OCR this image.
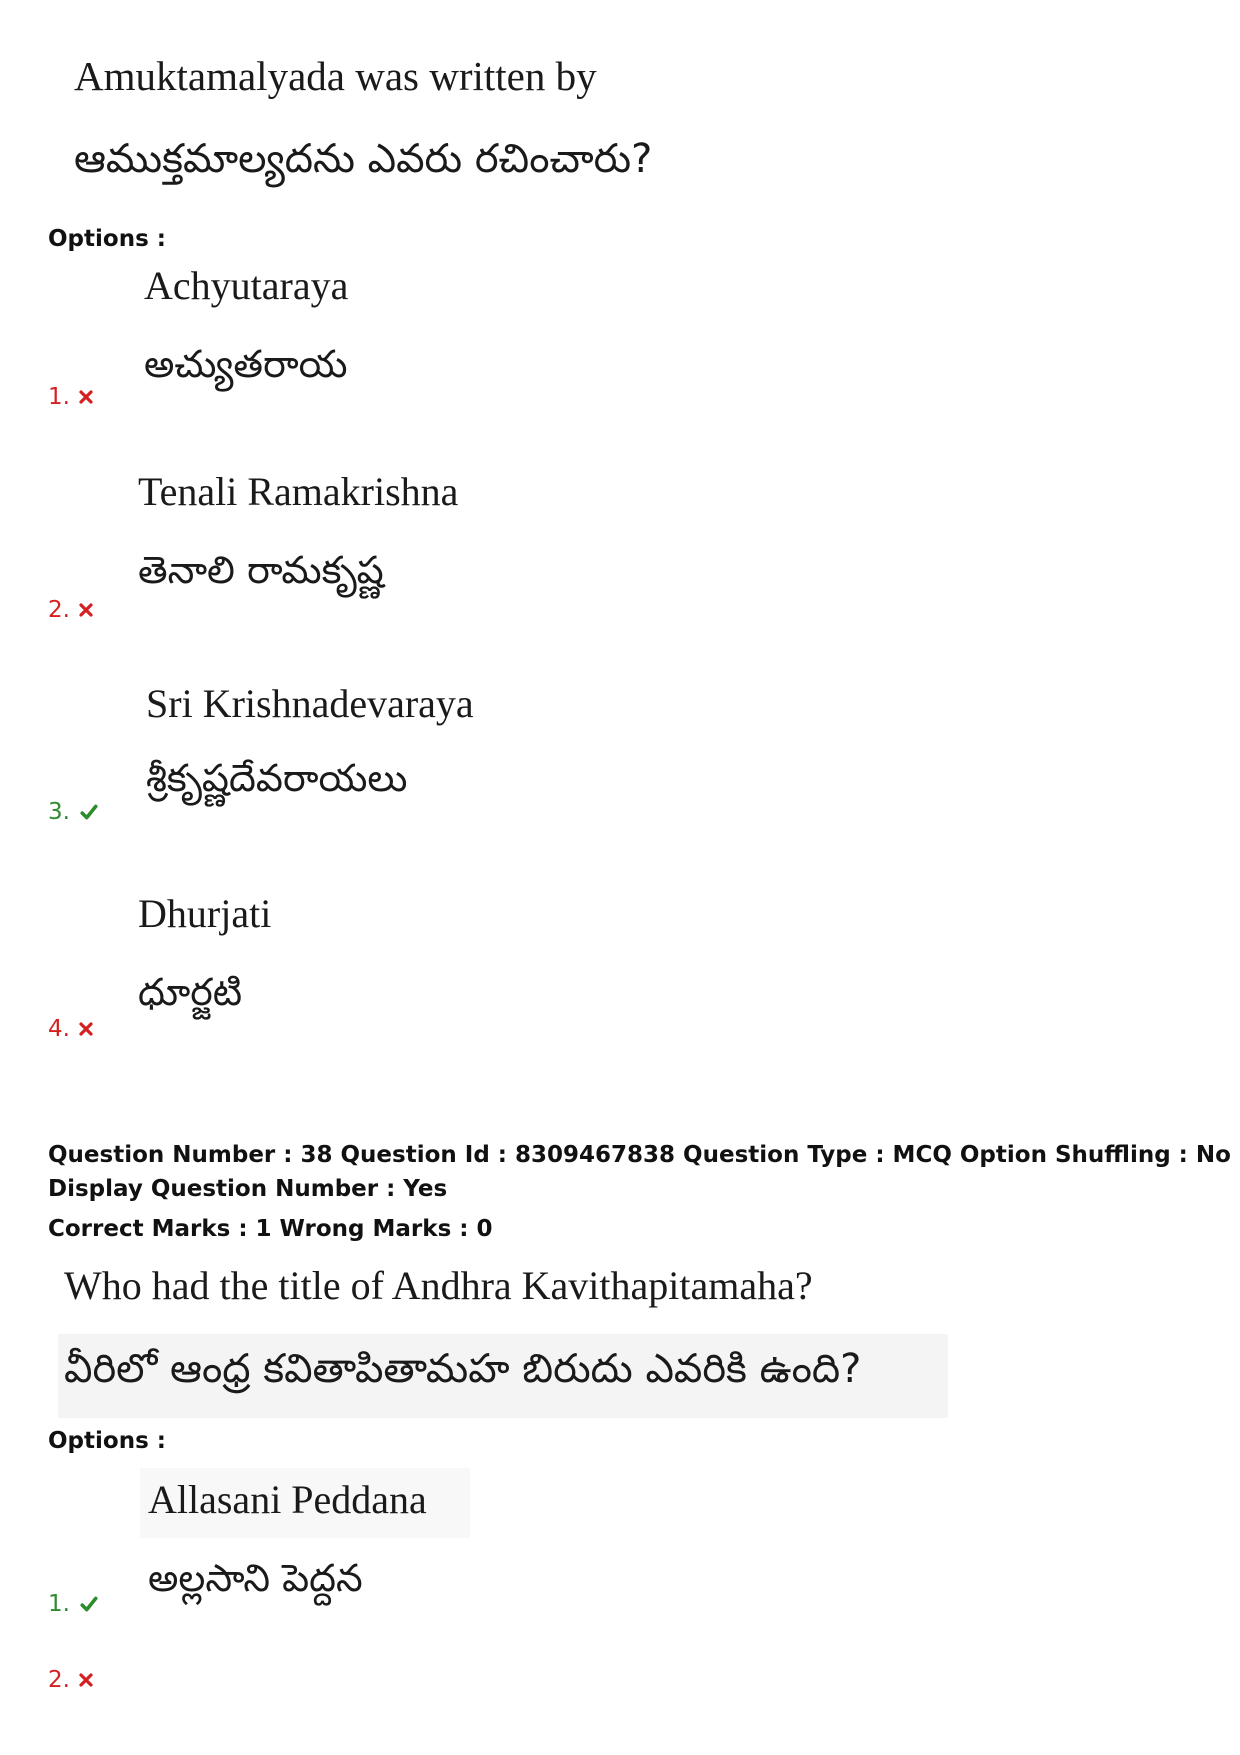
Amuktamalyada was written by
ఆముక్తమాల్యదను ఎవరు రచించారు?
Options :
Achyutaraya
అచ్యుతరాయ
1.
Tenali Ramakrishna
తెనాలి రామకృష్ణ
2.
Sri Krishnadevaraya
శ్రీకృష్ణదేవరాయలు
3.
Dhurjati
ధూర్జటి
4.
Question Number : 38 Question Id : 8309467838 Question Type : MCQ Option Shuffling : No
Display Question Number : Yes
Correct Marks : 1 Wrong Marks : 0
Who had the title of Andhra Kavithapitamaha?
వీరిలో ఆంధ్ర కవితాపితామహ బిరుదు ఎవరికి ఉంది?
Options :
Allasani Peddana
అల్లసాని పెద్దన
1.
2.
